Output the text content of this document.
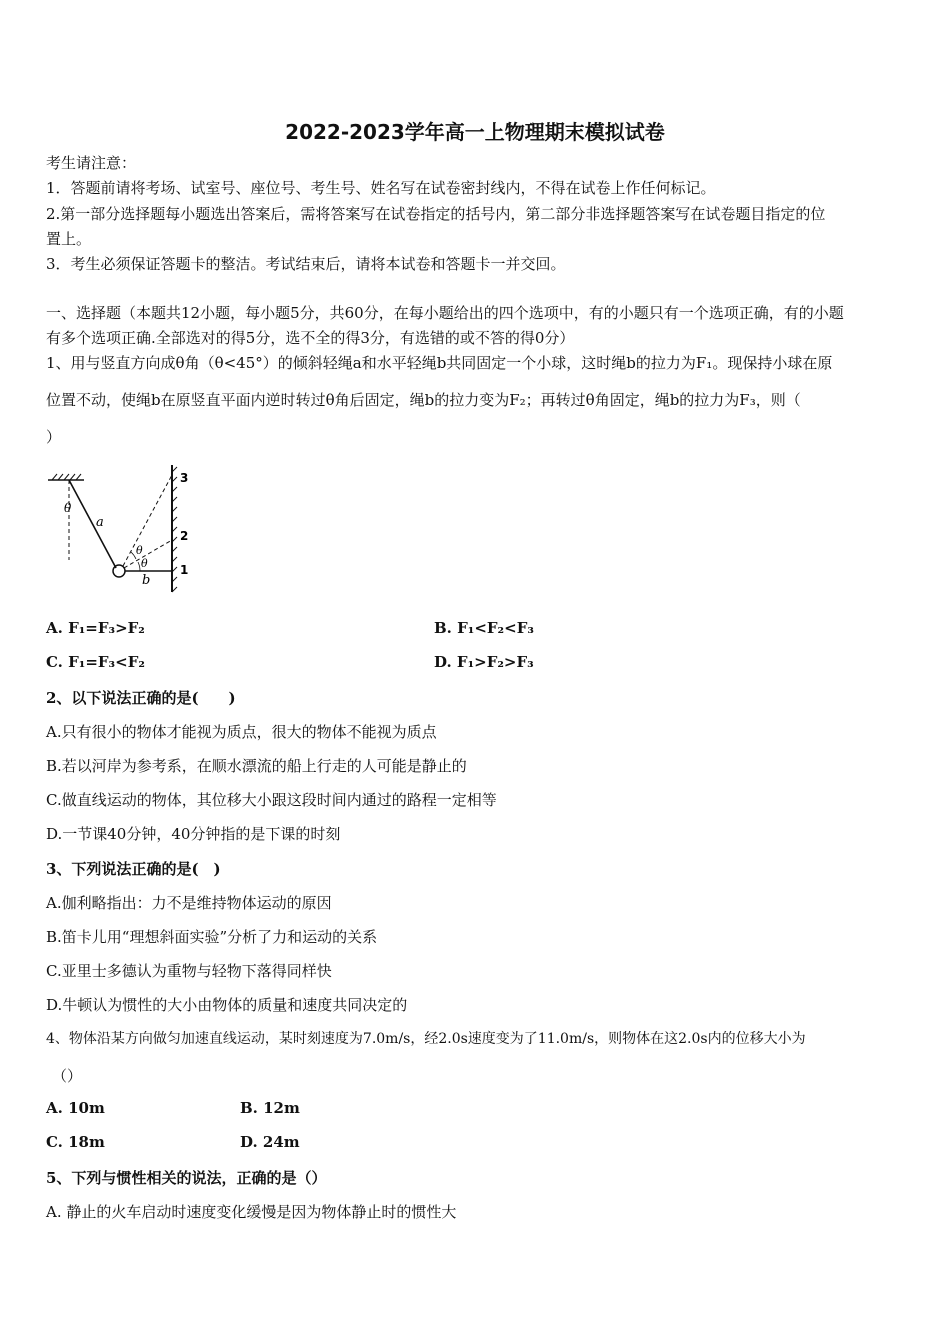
2022-2023学年高一上物理期末模拟试卷
考生请注意：
1．答题前请将考场、试室号、座位号、考生号、姓名写在试卷密封线内，不得在试卷上作任何标记。
2.第一部分选择题每小题选出答案后，需将答案写在试卷指定的括号内，第二部分非选择题答案写在试卷题目指定的位
置上。
3．考生必须保证答题卡的整洁。考试结束后，请将本试卷和答题卡一并交回。
一、选择题（本题共12小题，每小题5分，共60分，在每小题给出的四个选项中，有的小题只有一个选项正确，有的小题
有多个选项正确.全部选对的得5分，选不全的得3分，有选错的或不答的得0分）
1、用与竖直方向成θ角（θ<45°）的倾斜轻绳a和水平轻绳b共同固定一个小球，这时绳b的拉力为F₁。现保持小球在原
位置不动，使绳b在原竖直平面内逆时转过θ角后固定，绳b的拉力变为F₂；再转过θ角固定，绳b的拉力为F₃，则（
）
θ
a
b
θ
θ	1
2
3
A. F₁=F₃>F₂	B. F₁<F₂<F₃
C. F₁=F₃<F₂	D. F₁>F₂>F₃
2、以下说法正确的是(　　)
A.只有很小的物体才能视为质点，很大的物体不能视为质点
B.若以河岸为参考系，在顺水漂流的船上行走的人可能是静止的
C.做直线运动的物体，其位移大小跟这段时间内通过的路程一定相等
D.一节课40分钟，40分钟指的是下课的时刻
3、下列说法正确的是(　)
A.伽利略指出：力不是维持物体运动的原因
B.笛卡儿用“理想斜面实验”分析了力和运动的关系
C.亚里士多德认为重物与轻物下落得同样快
D.牛顿认为惯性的大小由物体的质量和速度共同决定的
4、物体沿某方向做匀加速直线运动，某时刻速度为7.0m/s，经2.0s速度变为了11.0m/s，则物体在这2.0s内的位移大小为
（）
A. 10m	B. 12m
C. 18m	D. 24m
5、下列与惯性相关的说法，正确的是（）
A. 静止的火车启动时速度变化缓慢是因为物体静止时的惯性大
